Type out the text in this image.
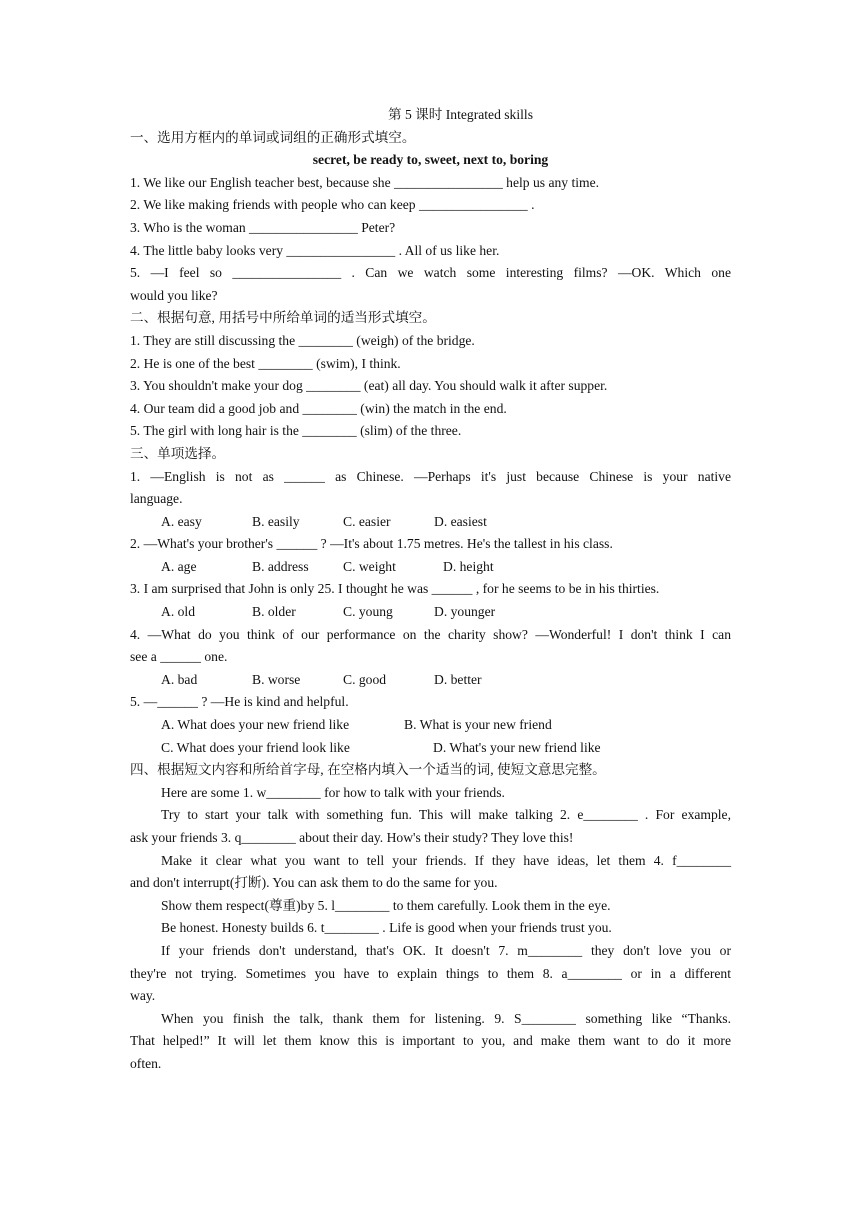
第 5 课时 Integrated skills
一、选用方框内的单词或词组的正确形式填空。
secret, be ready to, sweet, next to, boring
1. We like our English teacher best, because she ________________ help us any time.
2. We like making friends with people who can keep ________________ .
3. Who is the woman ________________ Peter?
4. The little baby looks very ________________ . All of us like her.
5. —I feel so ________________ . Can we watch some interesting films? —OK. Which one
would you like?
二、根据句意, 用括号中所给单词的适当形式填空。
1. They are still discussing the ________ (weigh) of the bridge.
2. He is one of the best ________ (swim), I think.
3. You shouldn't make your dog ________ (eat) all day. You should walk it after supper.
4. Our team did a good job and ________ (win) the match in the end.
5. The girl with long hair is the ________ (slim) of the three.
三、单项选择。
1. —English is not as ______ as Chinese. —Perhaps it's just because Chinese is your native
language.
A. easy	B. easily	C. easier	D. easiest
2. —What's your brother's ______ ? —It's about 1.75 metres. He's the tallest in his class.
A. age	B. address	C. weight	D. height
3. I am surprised that John is only 25. I thought he was ______ , for he seems to be in his thirties.
A. old	B. older	C. young	D. younger
4. —What do you think of our performance on the charity show? —Wonderful! I don't think I can
see a ______ one.
A. bad	B. worse	C. good	D. better
5. —______ ? —He is kind and helpful.
A. What does your new friend like	B. What is your new friend
C. What does your friend look like	D. What's your new friend like
四、根据短文内容和所给首字母, 在空格内填入一个适当的词, 使短文意思完整。
Here are some 1. w________ for how to talk with your friends.
Try to start your talk with something fun. This will make talking 2. e________ . For example,
ask your friends 3. q________ about their day. How's their study? They love this!
Make it clear what you want to tell your friends. If they have ideas, let them 4. f________
and don't interrupt(打断). You can ask them to do the same for you.
Show them respect(尊重)by 5. l________ to them carefully. Look them in the eye.
Be honest. Honesty builds 6. t________ . Life is good when your friends trust you.
If your friends don't understand, that's OK. It doesn't 7. m________ they don't love you or
they're not trying. Sometimes you have to explain things to them 8. a________ or in a different
way.
When you finish the talk, thank them for listening. 9. S________ something like “Thanks.
That helped!” It will let them know this is important to you, and make them want to do it more
often.
